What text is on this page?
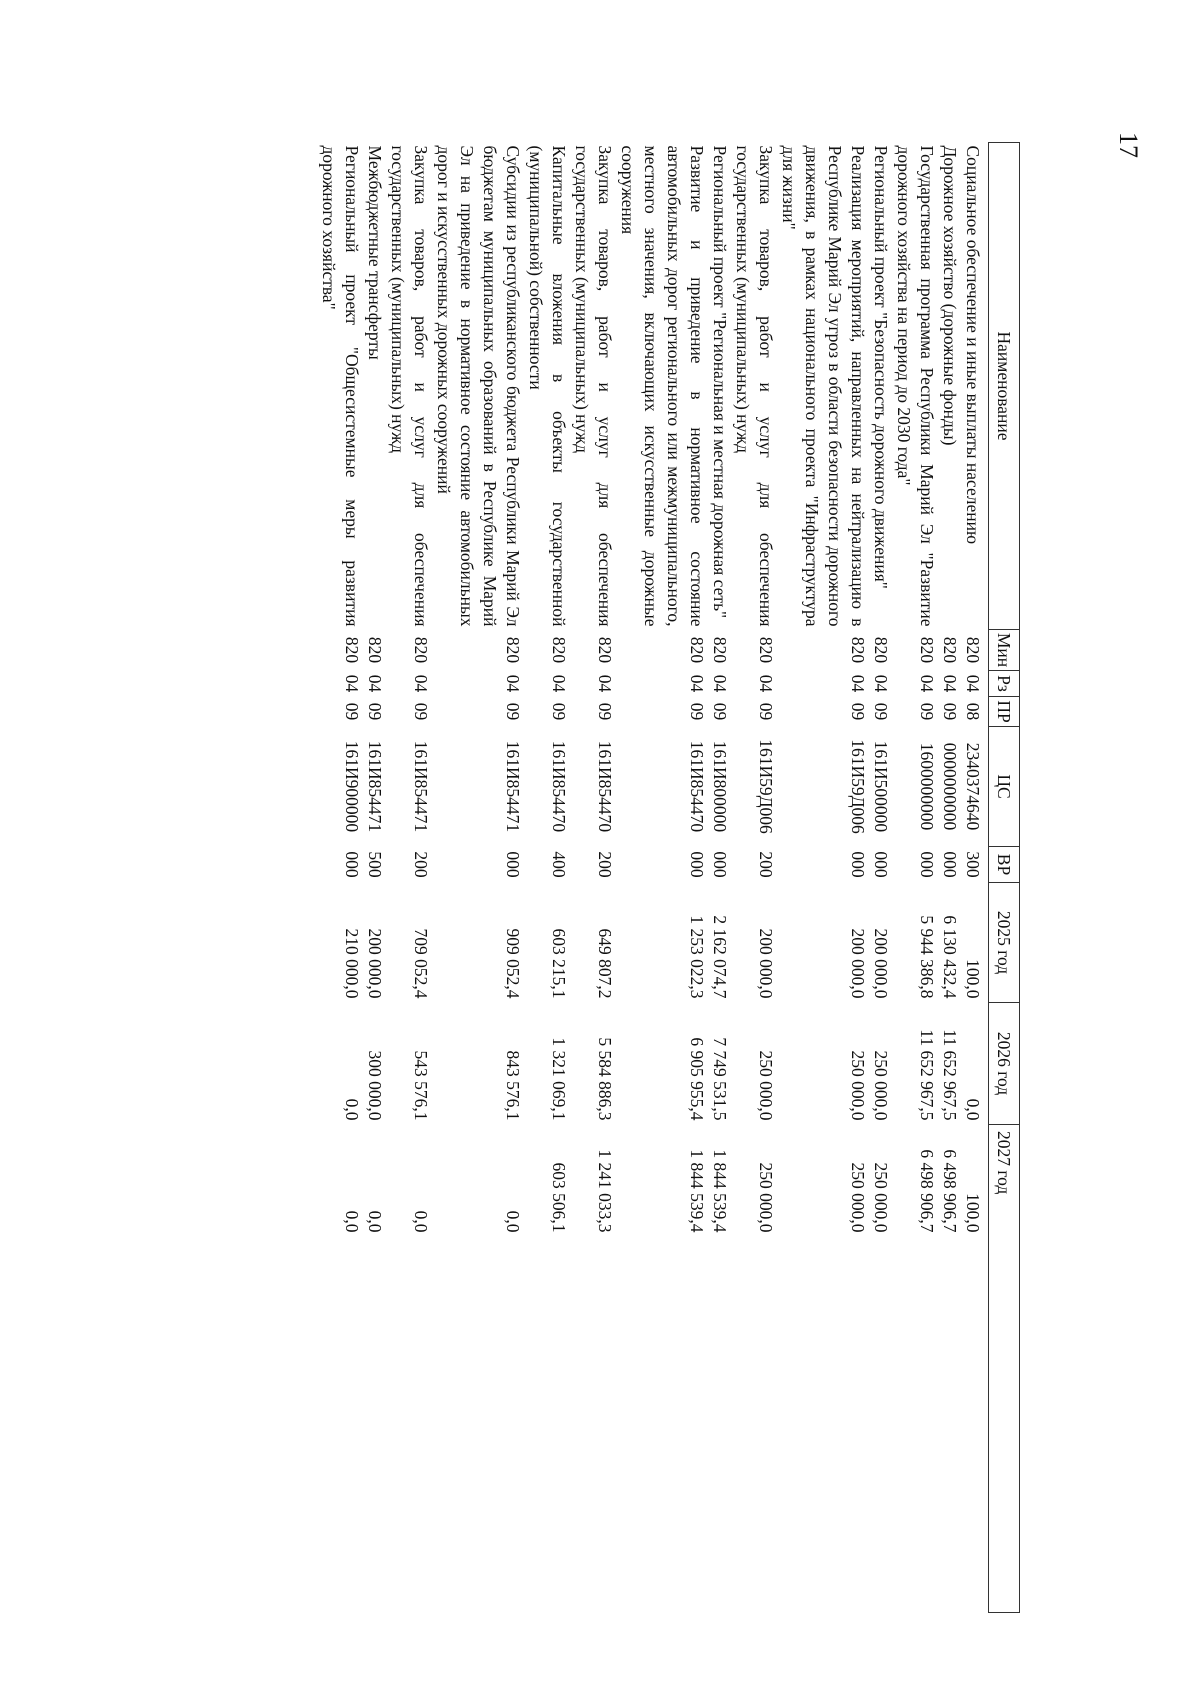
17
Наименование	Мин	Рз	ПР	ЦС	ВР	2025 год	2026 год	2027 год
Социальное обеспечение и иные выплаты населению	820	04	08	2340374640	300	100,0	0,0	100,0
Дорожное хозяйство (дорожные фонды)	820	04	09	0000000000	000	6 130 432,4	11 652 967,5	6 498 906,7
Государственная программа Республики Марий Эл "Развитие дорожного хозяйства на период до 2030 года"	820	04	09	1600000000	000	5 944 386,8	11 652 967,5	6 498 906,7
Региональный проект "Безопасность дорожного движения"	820	04	09	161И500000	000	200 000,0	250 000,0	250 000,0
Реализация мероприятий, направленных на нейтрализацию в Республике Марий Эл угроз в области безопасности дорожного движения, в рамках национального проекта "Инфраструктура для жизни"	820	04	09	161И59Д006	000	200 000,0	250 000,0	250 000,0
Закупка товаров, работ и услуг для обеспечения государственных (муниципальных) нужд	820	04	09	161И59Д006	200	200 000,0	250 000,0	250 000,0
Региональный проект "Региональная и местная дорожная сеть"	820	04	09	161И800000	000	2 162 074,7	7 749 531,5	1 844 539,4
Развитие и приведение в нормативное состояние автомобильных дорог регионального или межмуниципального, местного значения, включающих искусственные дорожные сооружения	820	04	09	161И854470	000	1 253 022,3	6 905 955,4	1 844 539,4
Закупка товаров, работ и услуг для обеспечения государственных (муниципальных) нужд	820	04	09	161И854470	200	649 807,2	5 584 886,3	1 241 033,3
Капитальные вложения в объекты государственной (муниципальной) собственности	820	04	09	161И854470	400	603 215,1	1 321 069,1	603 506,1
Субсидии из республиканского бюджета Республики Марий Эл бюджетам муниципальных образований в Республике Марий Эл на приведение в нормативное состояние автомобильных дорог и искусственных дорожных сооружений	820	04	09	161И854471	000	909 052,4	843 576,1	0,0
Закупка товаров, работ и услуг для обеспечения государственных (муниципальных) нужд	820	04	09	161И854471	200	709 052,4	543 576,1	0,0
Межбюджетные трансферты	820	04	09	161И854471	500	200 000,0	300 000,0	0,0
Региональный проект "Общесистемные меры развития дорожного хозяйства"	820	04	09	161И900000	000	210 000,0	0,0	0,0
